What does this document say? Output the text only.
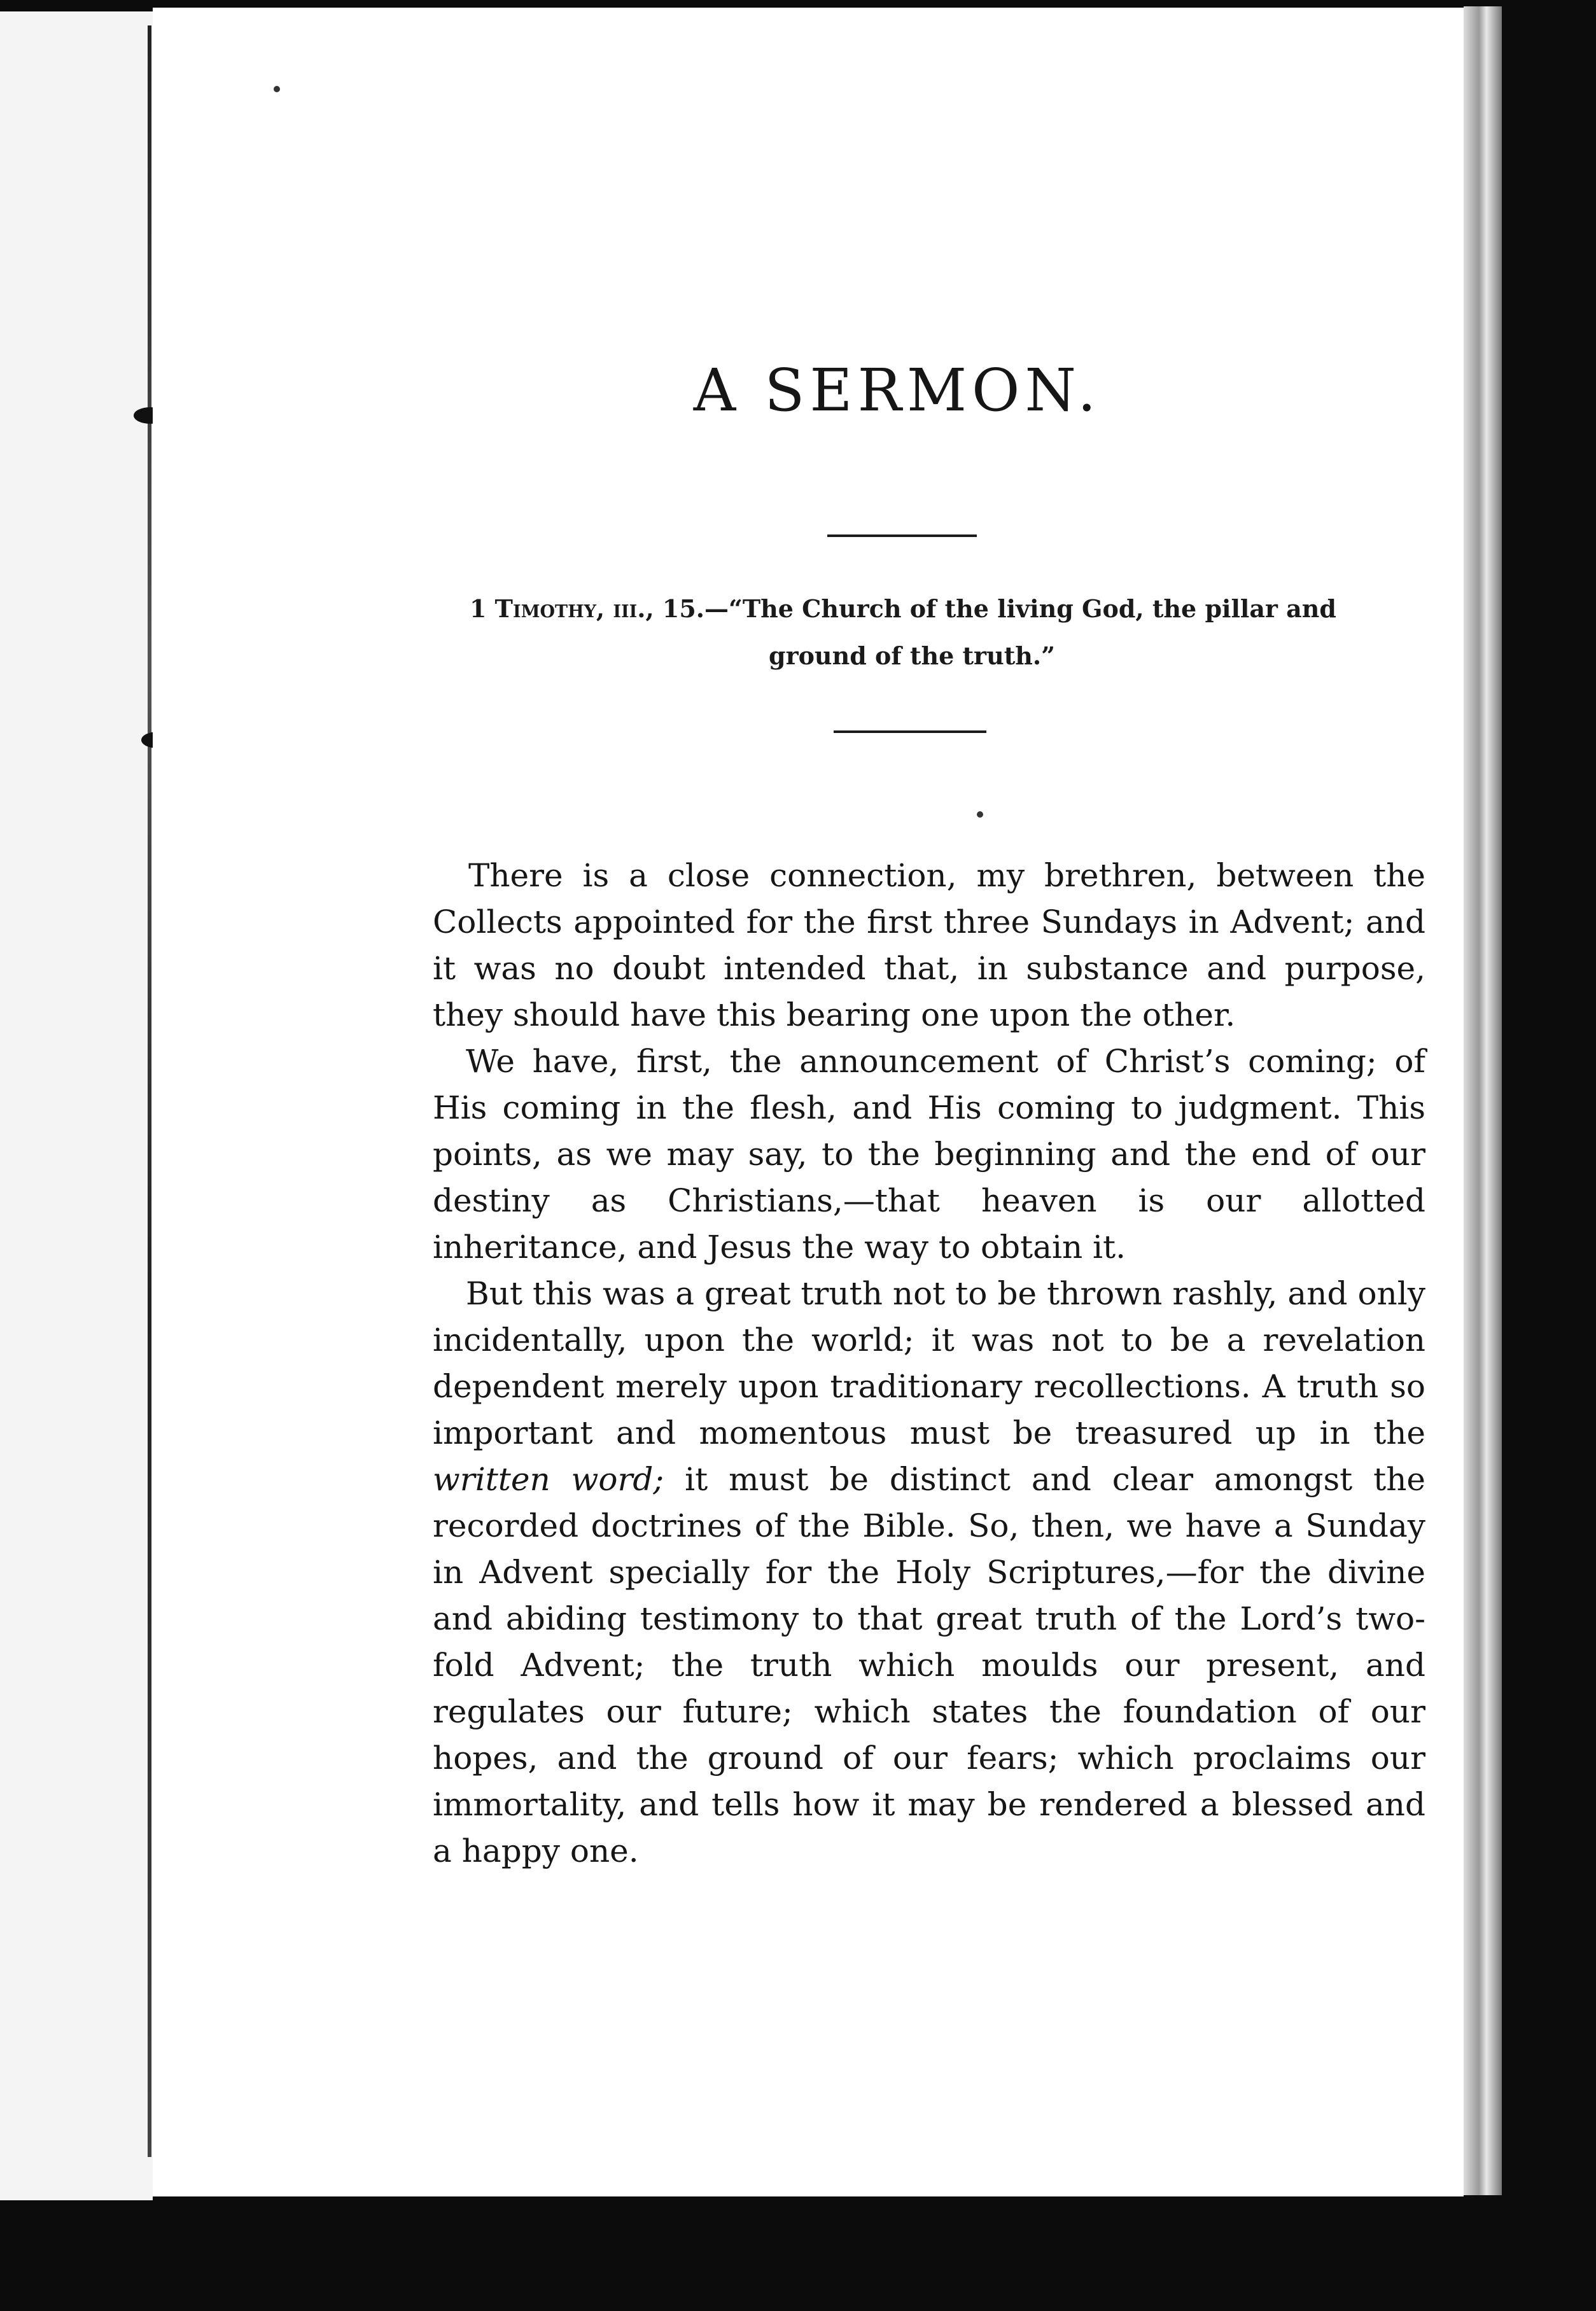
A SERMON.
1 Timothy, iii., 15.—“The Church of the living God, the pillar and
ground of the truth.”

There is a close connection, my brethren, between the Collects appointed for the first three Sundays in Advent; and it was no doubt intended that, in substance and purpose, they should have this bearing one upon the other.

We have, first, the announcement of Christ’s coming; of His coming in the flesh, and His coming to judgment. This points, as we may say, to the beginning and the end of our destiny as Christians,—that heaven is our allotted inheritance, and Jesus the way to obtain it.

But this was a great truth not to be thrown rashly, and only incidentally, upon the world; it was not to be a revelation dependent merely upon traditionary recollections. A truth so important and momentous must be treasured up in the written word; it must be distinct and clear amongst the recorded doctrines of the Bible. So, then, we have a Sunday in Advent specially for the Holy Scriptures,—for the divine and abiding testimony to that great truth of the Lord’s two-fold Advent; the truth which moulds our present, and regulates our future; which states the foundation of our hopes, and the ground of our fears; which proclaims our immortality, and tells how it may be rendered a blessed and a happy one.
